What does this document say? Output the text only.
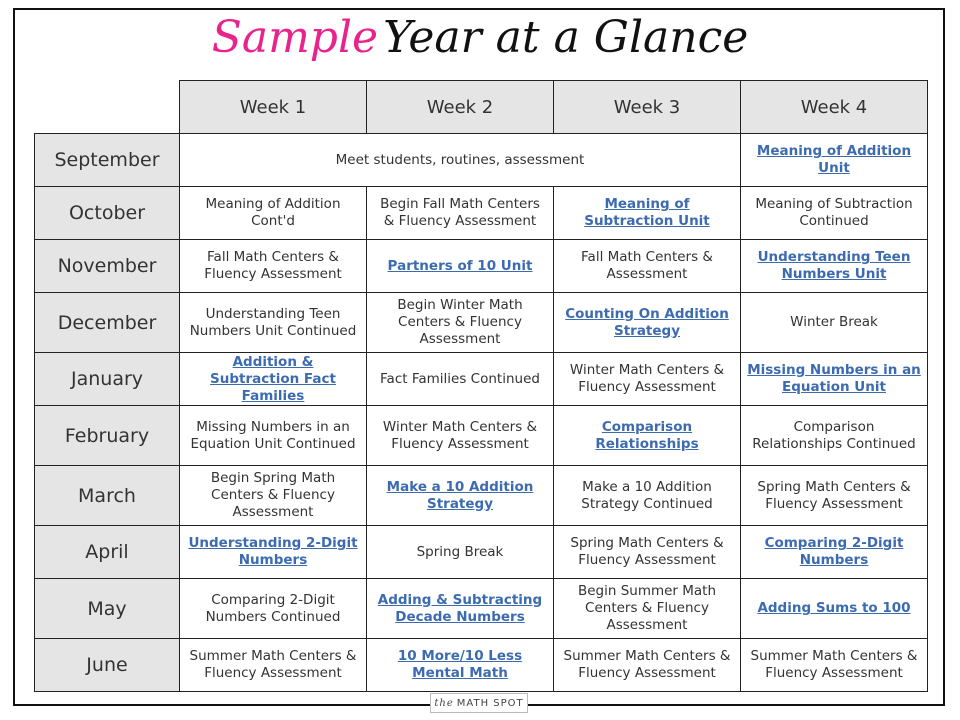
Sample Year at a Glance
	Week 1	Week 2	Week 3	Week 4
September	Meet students, routines, assessment			Meaning of Addition Unit
October	Meaning of Addition Cont'd	Begin Fall Math Centers & Fluency Assessment	Meaning of Subtraction Unit	Meaning of Subtraction Continued
November	Fall Math Centers & Fluency Assessment	Partners of 10 Unit	Fall Math Centers & Assessment	Understanding Teen Numbers Unit
December	Understanding Teen Numbers Unit Continued	Begin Winter Math Centers & Fluency Assessment	Counting On Addition Strategy	Winter Break
January	Addition & Subtraction Fact Families	Fact Families Continued	Winter Math Centers & Fluency Assessment	Missing Numbers in an Equation Unit
February	Missing Numbers in an Equation Unit Continued	Winter Math Centers & Fluency Assessment	Comparison Relationships	Comparison Relationships Continued
March	Begin Spring Math Centers & Fluency Assessment	Make a 10 Addition Strategy	Make a 10 Addition Strategy Continued	Spring Math Centers & Fluency Assessment
April	Understanding 2-Digit Numbers	Spring Break	Spring Math Centers & Fluency Assessment	Comparing 2-Digit Numbers
May	Comparing 2-Digit Numbers Continued	Adding & Subtracting Decade Numbers	Begin Summer Math Centers & Fluency Assessment	Adding Sums to 100
June	Summer Math Centers & Fluency Assessment	10 More/10 Less Mental Math	Summer Math Centers & Fluency Assessment	Summer Math Centers & Fluency Assessment
the MATH SPOT
